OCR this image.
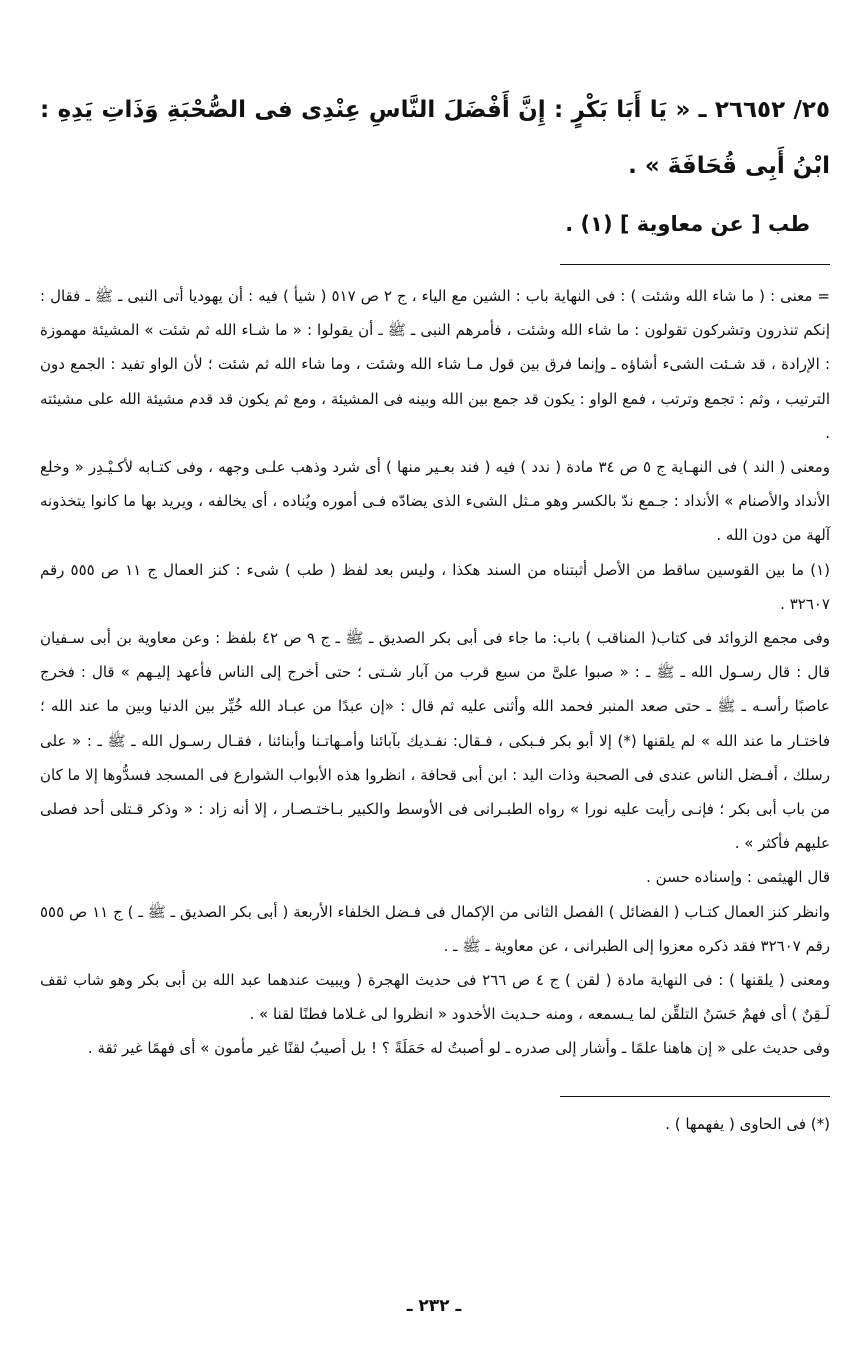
٢٥/ ٢٦٦٥٢ ـ « يَا أَبَا بَكْرٍ : إِنَّ أَفْضَلَ النَّاسِ عِنْدِى فى الصُّحْبَةِ وَذَاتِ يَدِهِ : ابْنُ أَبِى قُحَافَةَ » .

طب [ عن معاوية ] (١) .

= معنى : ( ما شاء الله وشئت ) : فى النهاية باب : الشين مع الياء ، ج ٢ ص ٥١٧ ( شيأ ) فيه : أن يهوديا أتى النبى ـ ﷺ ـ فقال : إنكم تنذرون وتشركون تقولون : ما شاء الله وشئت ، فأمرهم النبى ـ ﷺ ـ أن يقولوا : « ما شـاء الله ثم شئت » المشيئة مهموزة : الإرادة ، قد شـئت الشىء أشاؤه ـ وإنما فرق بين قول مـا شاء الله وشئت ، وما شاء الله ثم شئت ؛ لأن الواو تفيد : الجمع دون الترتيب ، وثم : تجمع وترتب ، فمع الواو : يكون قد جمع بين الله وبينه فى المشيئة ، ومع ثم يكون قد قدم مشيئة الله على مشيئته .

ومعنى ( الند ) فى النهـاية ج ٥ ص ٣٤ مادة ( ندد ) فيه ( فند بعـير منها ) أى شرد وذهب علـى وجهه ، وفى كتـابه لأكـيْـدِر « وخلع الأنداد والأصنام » الأنداد : جـمع ندّ بالكسر وهو مـثل الشىء الذى يضادّه فـى أموره ويُناده ، أى يخالفه ، ويريد بها ما كانوا يتخذونه آلهة من دون الله .

(١) ما بين القوسين ساقط من الأصل أثبتناه من السند هكذا ، وليس بعد لفظ ( طب ) شىء : كنز العمال ج ١١ ص ٥٥٥ رقم ٣٢٦٠٧ .

وفى مجمع الزوائد فى كتاب( المناقب ) باب: ما جاء فى أبى بكر الصديق ـ ﷺ ـ ج ٩ ص ٤٢ بلفظ : وعن معاوية بن أبى سـفيان قال : قال رسـول الله ـ ﷺ ـ : « صبوا علىَّ من سبع قرب من آبار شـتى ؛ حتى أخرج إلى الناس فأعهد إليـهم » قال : فخرج عاصبًا رأسـه ـ ﷺ ـ حتى صعد المنبر فحمد الله وأثنى عليه ثم قال : «إن عبدًا من عبـاد الله خُيِّر بين الدنيا وبين ما عند الله ؛ فاختـار ما عند الله » لم يلقنها (*) إلا أبو بكر فـبكى ، فـقال: نفـديك بآبائنا وأمـهاتـنا وأبنائنا ، فقـال رسـول الله ـ ﷺ ـ : « على رسلك ، أفـضل الناس عندى فى الصحبة وذات اليد : ابن أبى قحافة ، انظروا هذه الأبواب الشوارع فى المسجد فسدُّوها إلا ما كان من باب أبى بكر ؛ فإنـى رأيت عليه نورا » رواه الطبـرانى فى الأوسط والكبير بـاختـصـار ، إلا أنه زاد : « وذكر قـتلى أحد فصلى عليهم فأكثر » .

قال الهيثمى : وإسناده حسن .

وانظر كنز العمال كتـاب ( الفضائل ) الفصل الثانى من الإكمال فى فـضل الخلفاء الأربعة ( أبى بكر الصديق ـ ﷺ ـ ) ج ١١ ص ٥٥٥ رقم ٣٢٦٠٧ فقد ذكره معزوا إلى الطبرانى ، عن معاوية ـ ﷺ ـ .

ومعنى ( يلقنها ) : فى النهاية مادة ( لقن ) ج ٤ ص ٢٦٦ فى حديث الهجرة ( ويبيت عندهما عبد الله بن أبى بكر وهو شاب ثقف لَـقِنٌ ) أى فهمٌ حَسَنُ التلقِّن لما يـسمعه ، ومنه حـديث الأخدود « انظروا لى غـلاما فطنًا لقنا » .

وفى حديث على « إن هاهنا علمًا ـ وأشار إلى صدره ـ لو أصبتُ له حَمَلَةً ؟ ! بل أصيبُ لقنًا غير مأمون » أى فهمًا غير ثقة .

(*) فى الحاوى ( يفهمها ) .

ـ ٢٣٢ ـ
